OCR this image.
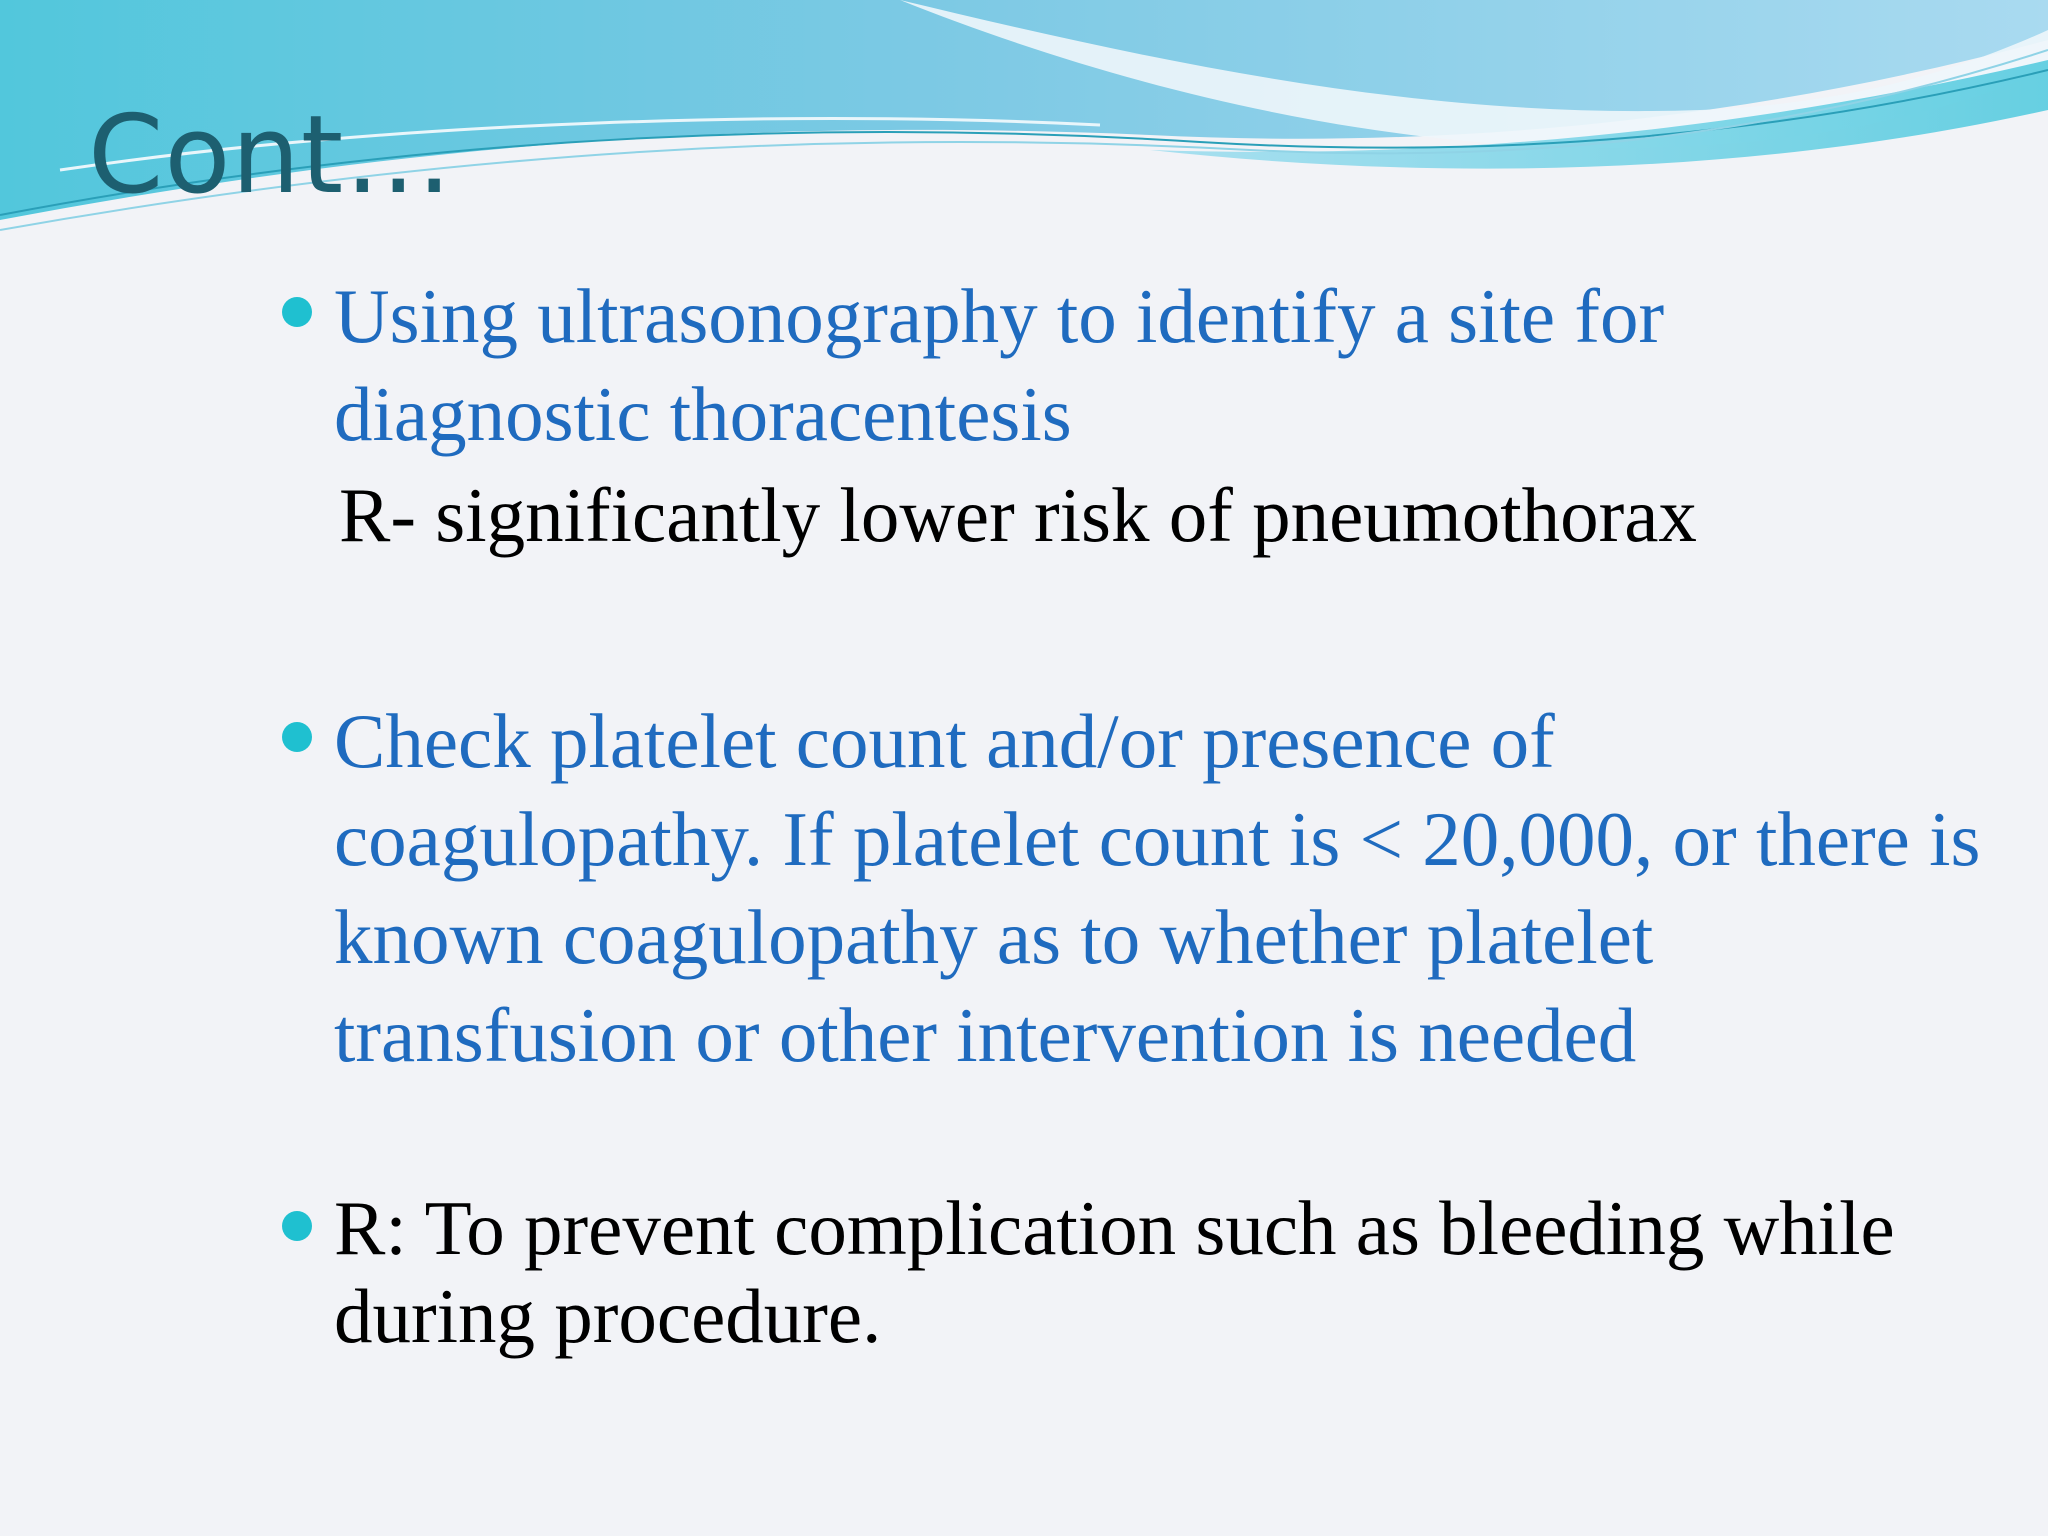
Cont…
Using ultrasonography to identify a site for diagnostic thoracentesis
R- significantly lower risk of pneumothorax
Check platelet count and/or presence of coagulopathy. If platelet count is < 20,000, or there is known coagulopathy as to whether platelet transfusion or other intervention is needed
R: To prevent complication such as bleeding while during procedure.
